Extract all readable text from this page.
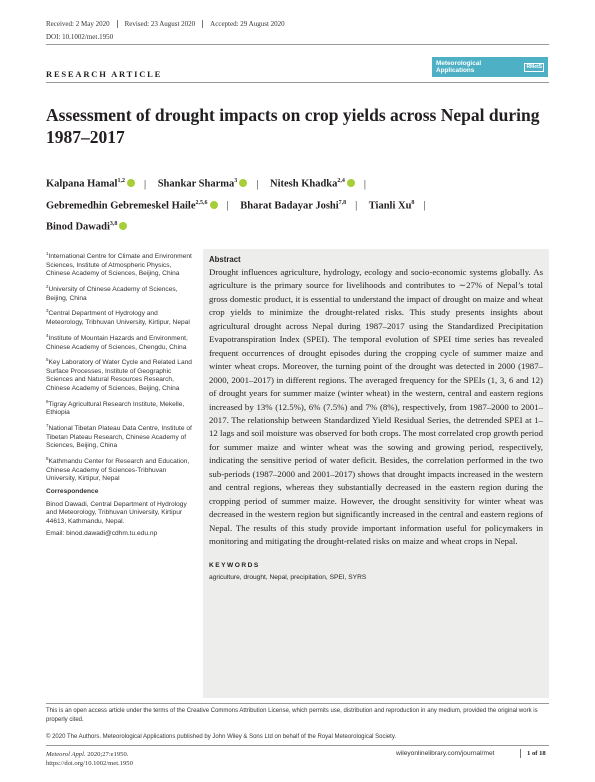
Received: 2 May 2020 Revised: 23 August 2020 Accepted: 29 August 2020
DOI: 10.1002/met.1950
RESEARCH ARTICLE
Meteorological
Applications	RMetS
Assessment of drought impacts on crop yields across Nepal during 1987–2017
Kalpana Hamal$^{1,2}$ | Shankar Sharma$^3$ | Nitesh Khadka$^{2,4}$ |
Gebremedhin Gebremeskel Haile$^{2,5,6}$ | Bharat Badayar Joshi$^{7,8}$ | Tianli Xu$^8$ |
Binod Dawadi$^{3,8}$

$^1$International Centre for Climate and Environment Sciences, Institute of Atmospheric Physics, Chinese Academy of Sciences, Beijing, China

$^2$University of Chinese Academy of Sciences, Beijing, China

$^3$Central Department of Hydrology and Meteorology, Tribhuvan University, Kirtipur, Nepal

$^4$Institute of Mountain Hazards and Environment, Chinese Academy of Sciences, Chengdu, China

$^5$Key Laboratory of Water Cycle and Related Land Surface Processes, Institute of Geographic Sciences and Natural Resources Research, Chinese Academy of Sciences, Beijing, China

$^6$Tigray Agricultural Research Institute, Mekelle, Ethiopia

$^7$National Tibetan Plateau Data Centre, Institute of Tibetan Plateau Research, Chinese Academy of Sciences, Beijing, China

$^8$Kathmandu Center for Research and Education, Chinese Academy of Sciences-Tribhuvan University, Kirtipur, Nepal

Correspondence

Binod Dawadi, Central Department of Hydrology and Meteorology, Tribhuvan University, Kirtipur 44613, Kathmandu, Nepal.

Email: binod.dawadi@cdhm.tu.edu.np

Abstract
Drought influences agriculture, hydrology, ecology and socio-economic systems globally. As agriculture is the primary source for livelihoods and contributes to ∼27% of Nepal’s total gross domestic product, it is essential to understand the impact of drought on maize and wheat crop yields to minimize the drought-related risks. This study presents insights about agricultural drought across Nepal during 1987–2017 using the Standardized Precipitation Evapotranspiration Index (SPEI). The temporal evolution of SPEI time series has revealed frequent occurrences of drought episodes during the cropping cycle of summer maize and winter wheat crops. Moreover, the turning point of the drought was detected in 2000 (1987–2000, 2001–2017) in different regions. The averaged frequency for the SPEIs (1, 3, 6 and 12) of drought years for summer maize (winter wheat) in the western, central and eastern regions increased by 13% (12.5%), 6% (7.5%) and 7% (8%), respectively, from 1987–2000 to 2001–2017. The relationship between Standardized Yield Residual Series, the detrended SPEI at 1–12 lags and soil moisture was observed for both crops. The most correlated crop growth period for summer maize and winter wheat was the sowing and growing period, respectively, indicating the sensitive period of water deficit. Besides, the correlation performed in the two sub-periods (1987–2000 and 2001–2017) shows that drought impacts increased in the western and central regions, whereas they substantially decreased in the eastern region during the cropping period of summer maize. However, the drought sensitivity for winter wheat was decreased in the western region but significantly increased in the central and eastern regions of Nepal. The results of this study provide important information useful for policymakers in monitoring and mitigating the drought-related risks on maize and wheat crops in Nepal.
KEYWORDS
agriculture, drought, Nepal, precipitation, SPEI, SYRS
This is an open access article under the terms of the Creative Commons Attribution License, which permits use, distribution and reproduction in any medium, provided the original work is properly cited.
© 2020 The Authors. Meteorological Applications published by John Wiley & Sons Ltd on behalf of the Royal Meteorological Society.
Meteorol Appl. 2020;27:e1950.
https://doi.org/10.1002/met.1950
wileyonlinelibrary.com/journal/met	1 of 18
